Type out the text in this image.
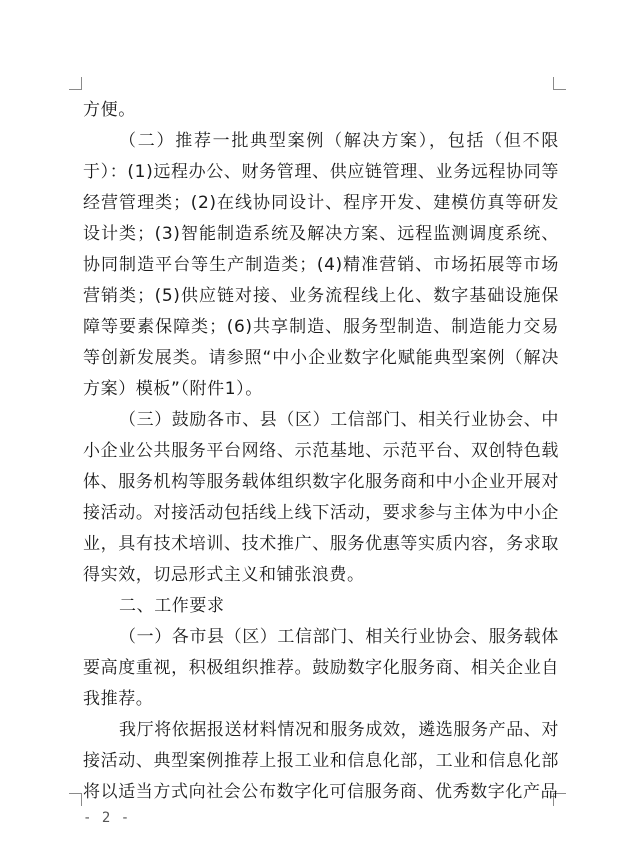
方便。

（二）推荐一批典型案例（解决方案），包括（但不限于）：(1)远程办公、财务管理、供应链管理、业务远程协同等经营管理类；(2)在线协同设计、程序开发、建模仿真等研发设计类；(3)智能制造系统及解决方案、远程监测调度系统、协同制造平台等生产制造类；(4)精准营销、市场拓展等市场营销类；(5)供应链对接、业务流程线上化、数字基础设施保障等要素保障类；(6)共享制造、服务型制造、制造能力交易等创新发展类。请参照“中小企业数字化赋能典型案例（解决方案）模板”（附件1）。

（三）鼓励各市、县（区）工信部门、相关行业协会、中小企业公共服务平台网络、示范基地、示范平台、双创特色载体、服务机构等服务载体组织数字化服务商和中小企业开展对接活动。对接活动包括线上线下活动，要求参与主体为中小企业，具有技术培训、技术推广、服务优惠等实质内容，务求取得实效，切忌形式主义和铺张浪费。

二、工作要求

（一）各市县（区）工信部门、相关行业协会、服务载体要高度重视，积极组织推荐。鼓励数字化服务商、相关企业自我推荐。

我厅将依据报送材料情况和服务成效，遴选服务产品、对接活动、典型案例推荐上报工业和信息化部，工业和信息化部将以适当方式向社会公布数字化可信服务商、优秀数字化产品

- 2 -
